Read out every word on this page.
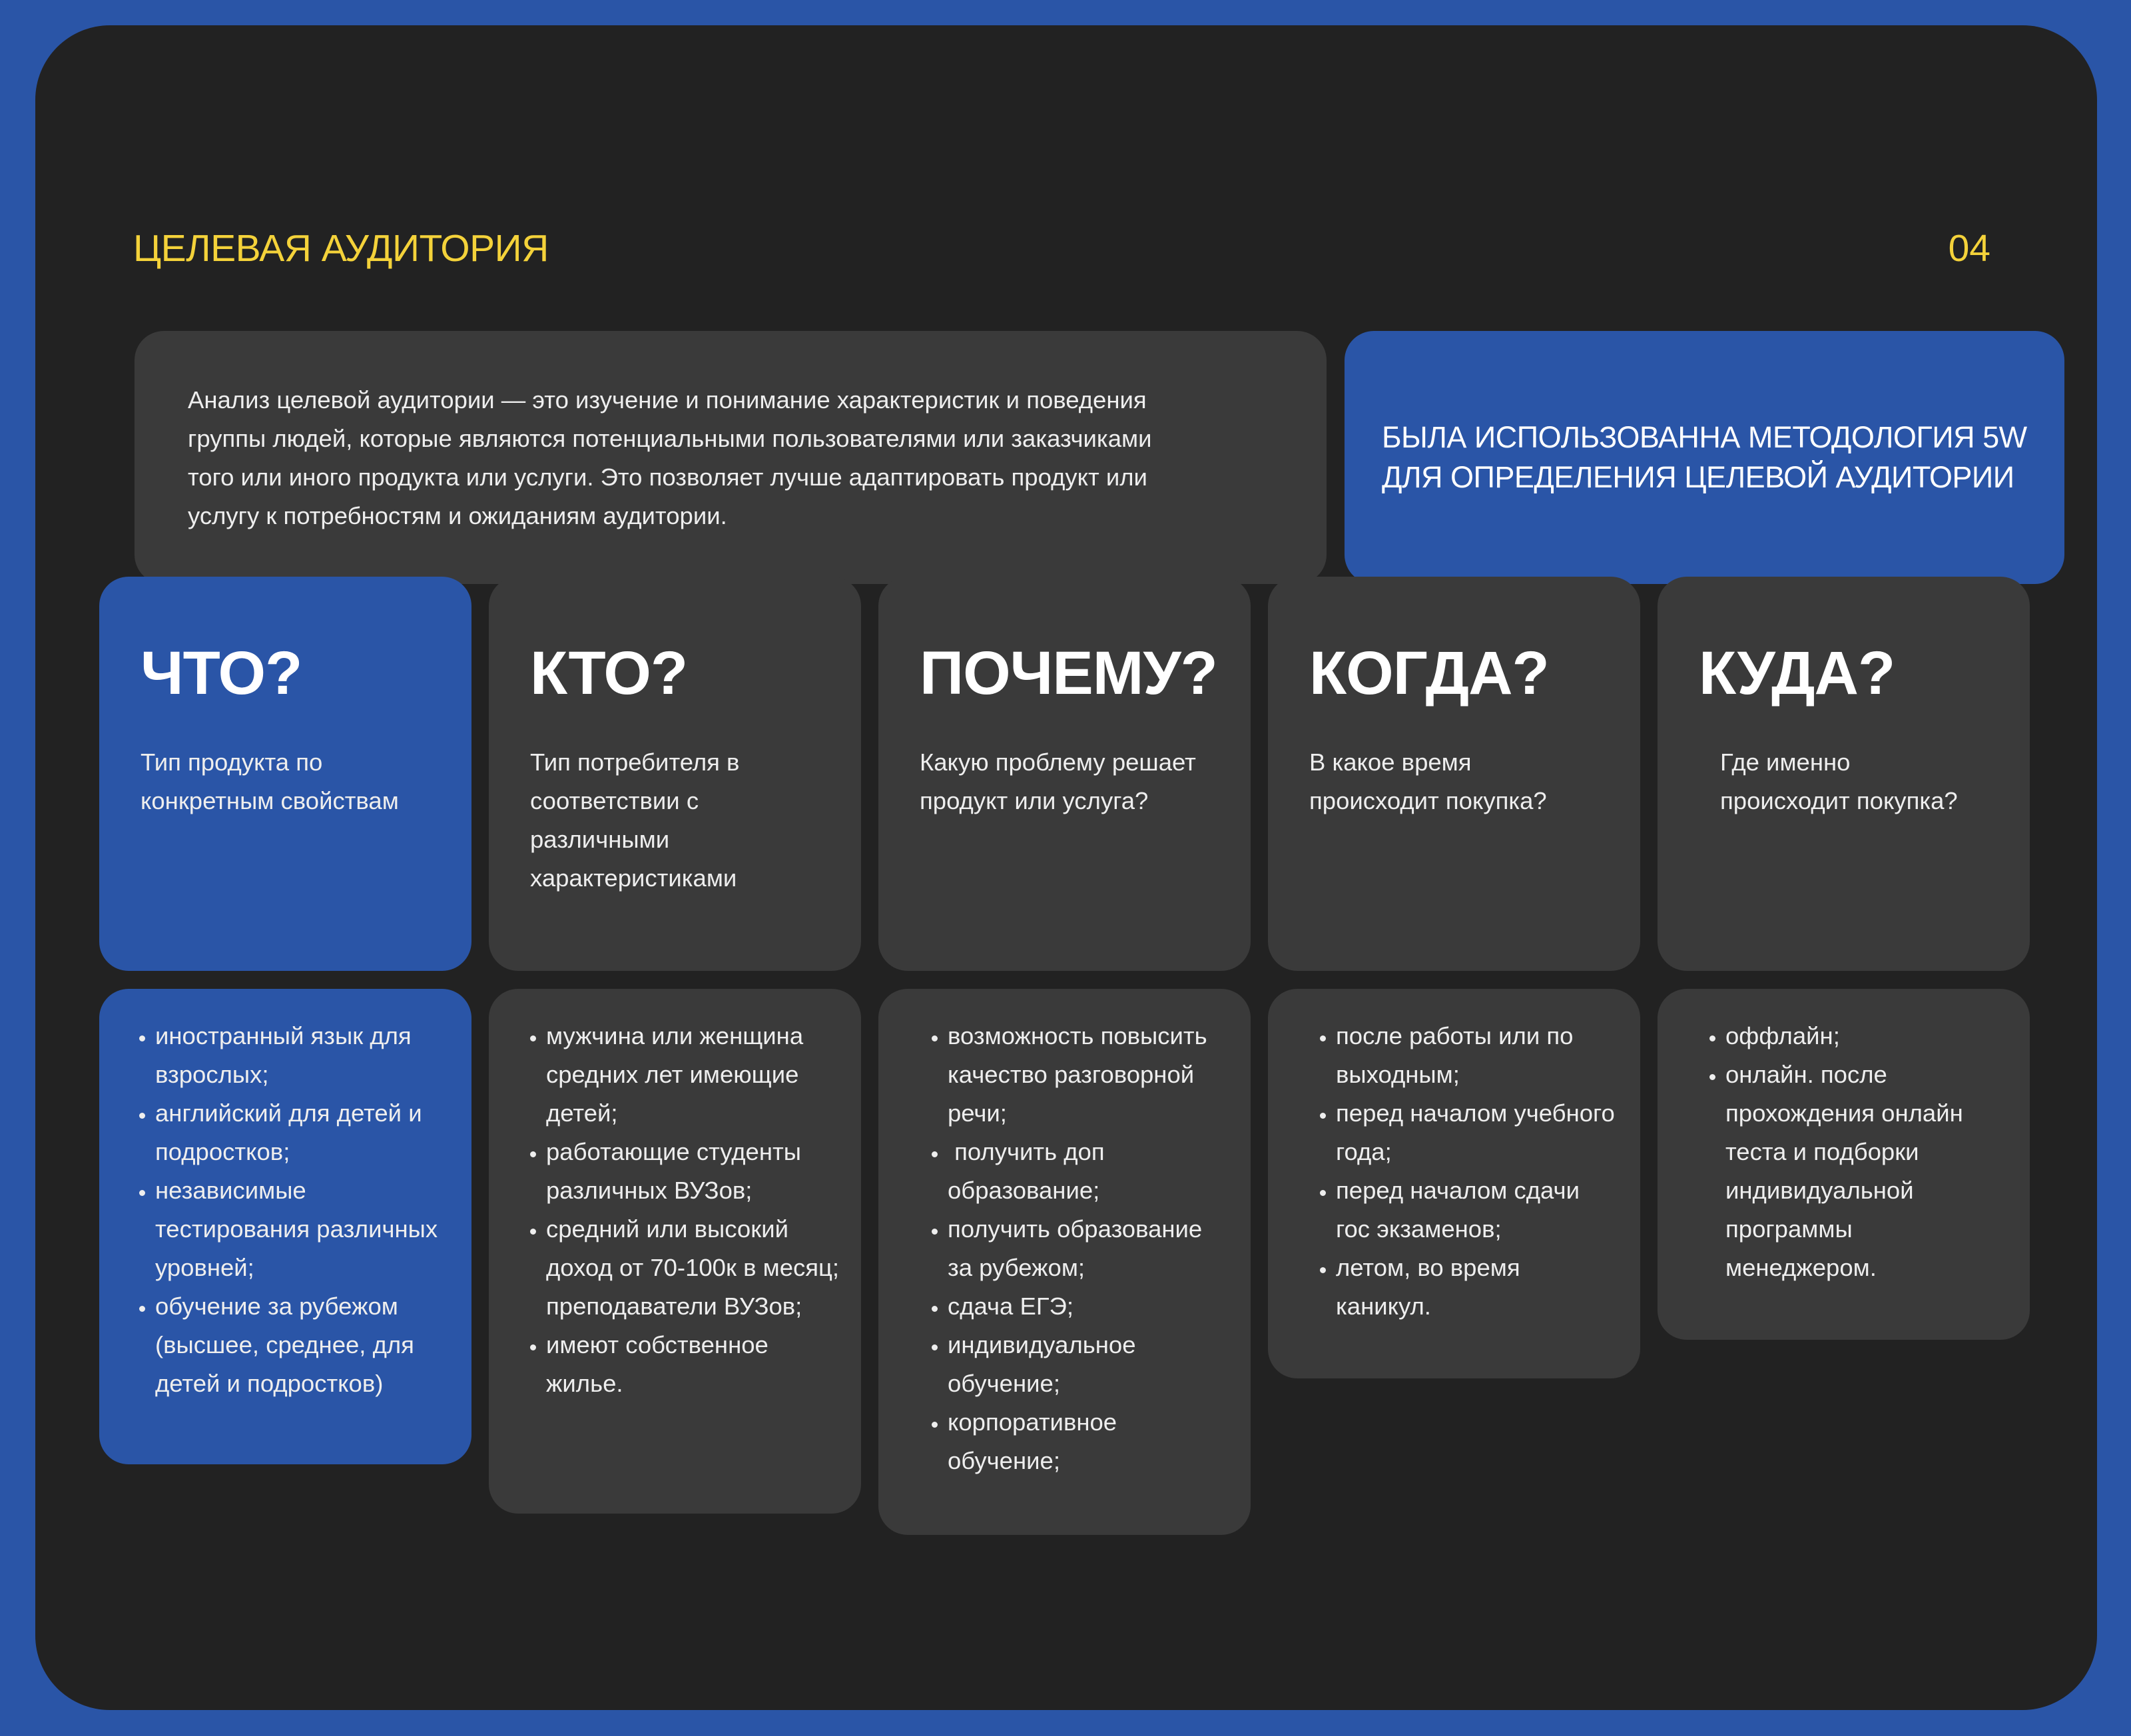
ЦЕЛЕВАЯ АУДИТОРИЯ	04
Анализ целевой аудитории — это изучение и понимание характеристик и поведения
группы людей, которые являются потенциальными пользователями или заказчиками
того или иного продукта или услуги. Это позволяет лучше адаптировать продукт или
услугу к потребностям и ожиданиям аудитории.
БЫЛА ИСПОЛЬЗОВАННА МЕТОДОЛОГИЯ 5W
ДЛЯ ОПРЕДЕЛЕНИЯ ЦЕЛЕВОЙ АУДИТОРИИ
ЧТО?
Тип продукта по
конкретным свойствам
КТО?
Тип потребителя в
соответствии с
различными
характеристиками
ПОЧЕМУ?
Какую проблему решает
продукт или услуга?
КОГДА?
В какое время
происходит покупка?
КУДА?
Где именно
происходит покупка?
• иностранный язык для взрослых;
• английский для детей и подростков;
• независимые тестирования различных уровней;
• обучение за рубежом (высшее, среднее, для детей и подростков)
• мужчина или женщина средних лет имеющие детей;
• работающие студенты различных ВУЗов;
• средний или высокий доход от 70-100к в месяц;
преподаватели ВУЗов;
• имеют собственное жилье.
• возможность повысить качество разговорной речи;
•  получить доп образование;
• получить образование за рубежом;
• сдача ЕГЭ;
• индивидуальное обучение;
• корпоративное обучение;
• после работы или по выходным;
• перед началом учебного года;
• перед началом сдачи гос экзаменов;
• летом, во время каникул.
• оффлайн;
• онлайн. после прохождения онлайн теста и подборки индивидуальной программы менеджером.
